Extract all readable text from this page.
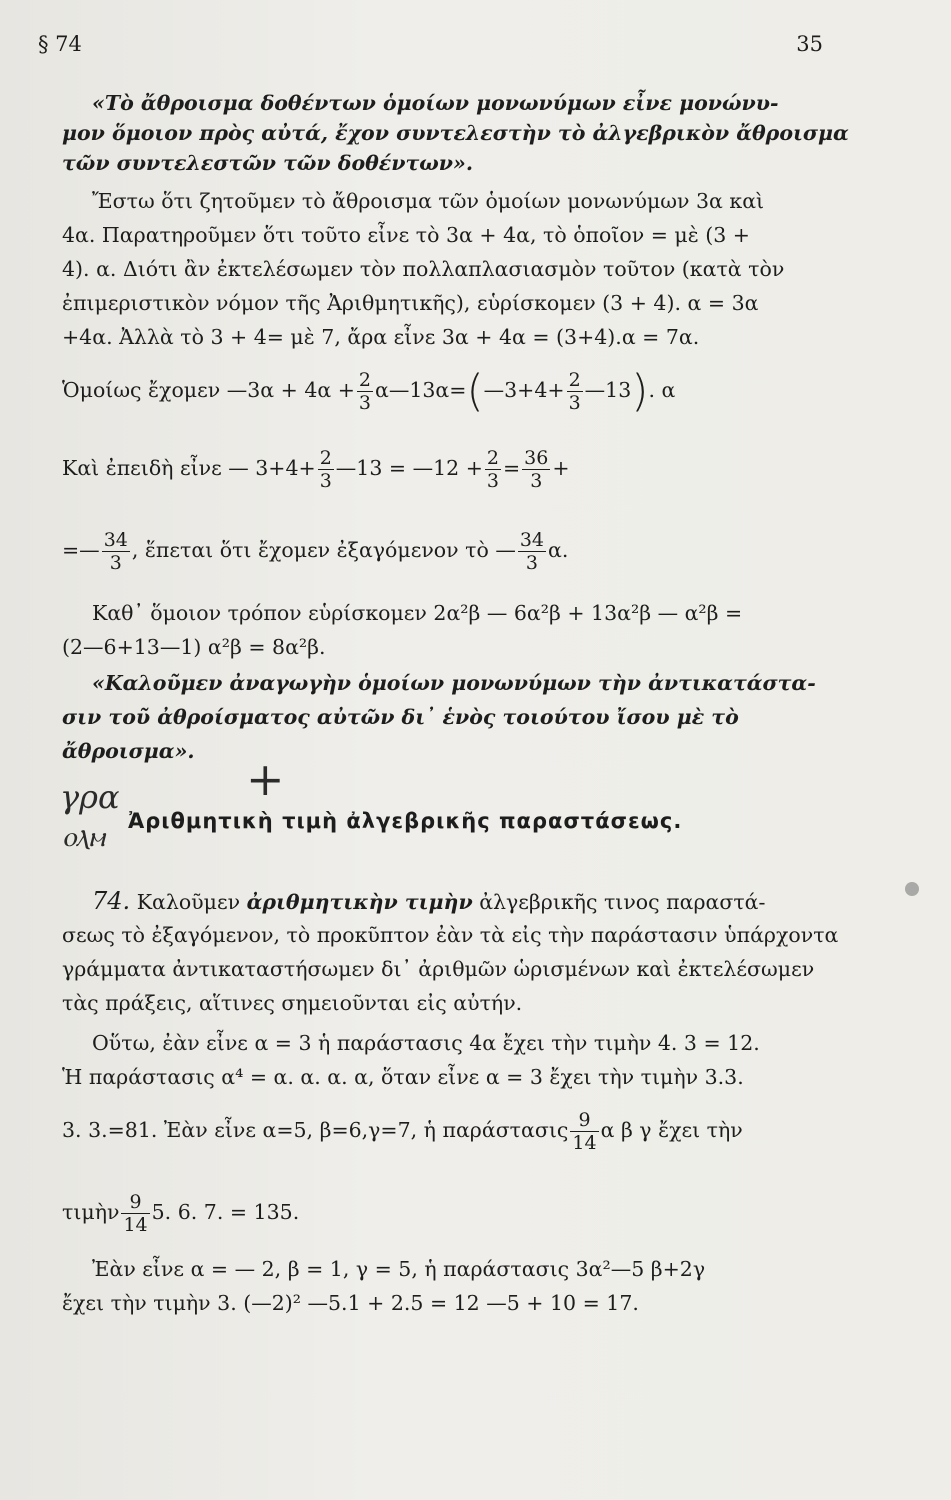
§ 74	35
«Τὸ ἄθροισμα δοθέντων ὁμοίων μονωνύμων εἶνε μονώνυ-
μον ὅμοιον πρὸς αὐτά, ἔχον συντελεστὴν τὸ ἀλγεβρικὸν ἄθροισμα
τῶν συντελεστῶν τῶν δοθέντων».
Ἔστω ὅτι ζητοῦμεν τὸ ἄθροισμα τῶν ὁμοίων μονωνύμων 3α καὶ
4α. Παρατηροῦμεν ὅτι τοῦτο εἶνε τὸ 3α + 4α, τὸ ὁποῖον = μὲ (3 +
4). α. Διότι ἂν ἐκτελέσωμεν τὸν πολλαπλασιασμὸν τοῦτον (κατὰ τὸν
ἐπιμεριστικὸν νόμον τῆς Ἀριθμητικῆς), εὑρίσκομεν (3 + 4). α = 3α
+4α. Ἀλλὰ τὸ 3 + 4= μὲ 7, ἄρα εἶνε 3α + 4α = (3+4).α = 7α.
Ὁμοίως ἔχομεν —3α + $4\alpha + \frac{2}{3}$ α—13α=(—3+4+ $\frac{2}{3}$ —13). α
Καὶ ἐπειδὴ εἶνε — $3+4+ \frac{2}{3}$ —13 = —12 + $\frac{2}{3} = \frac{36}{3}$ +
=— $\frac{34}{3}$ , ἕπεται ὅτι ἔχομεν ἐξαγόμενον τὸ — $\frac{34}{3} \alpha$.
Καθ᾽ ὅμοιον τρόπον εὑρίσκομεν 2α²β — 6α²β + 13α²β — α²β =
(2—6+13—1) α²β = 8α²β.
«Καλοῦμεν ἀναγωγὴν ὁμοίων μονωνύμων τὴν ἀντικατάστα-
σιν τοῦ ἀθροίσματος αὐτῶν δι᾽ ἑνὸς τοιούτου ἴσου μὲ τὸ
ἄθροισμα».
γρα	+
ⲟⲗⲙ Ἀριθμητικὴ τιμὴ ἀλγεβρικῆς παραστάσεως.
74. Καλοῦμεν ἀριθμητικὴν τιμὴν ἀλγεβρικῆς τινος παραστά-
σεως τὸ ἐξαγόμενον, τὸ προκῦπτον ἐὰν τὰ εἰς τὴν παράστασιν ὑπάρχοντα
γράμματα ἀντικαταστήσωμεν δι᾽ ἀριθμῶν ὡρισμένων καὶ ἐκτελέσωμεν
τὰς πράξεις, αἵτινες σημειοῦνται εἰς αὐτήν.
Οὕτω, ἐὰν εἶνε α = 3 ἡ παράστασις 4α ἔχει τὴν τιμὴν 4. 3 = 12.
Ἡ παράστασις α⁴ = α. α. α. α, ὅταν εἶνε α = 3 ἔχει τὴν τιμὴν 3.3.
3. 3.=81. Ἐὰν εἶνε α=5, β=6,γ=7, ἡ παράστασις $\frac{9}{14}$ α β γ ἔχει τὴν
τιμὴν $\frac{9}{14} 5$. 6. 7. = 135.
Ἐὰν εἶνε α = — 2, β = 1, γ = 5, ἡ παράστασις 3α²—5 β+2γ
ἔχει τὴν τιμὴν 3. (—2)² —5.1 + 2.5 = 12 —5 + 10 = 17.
